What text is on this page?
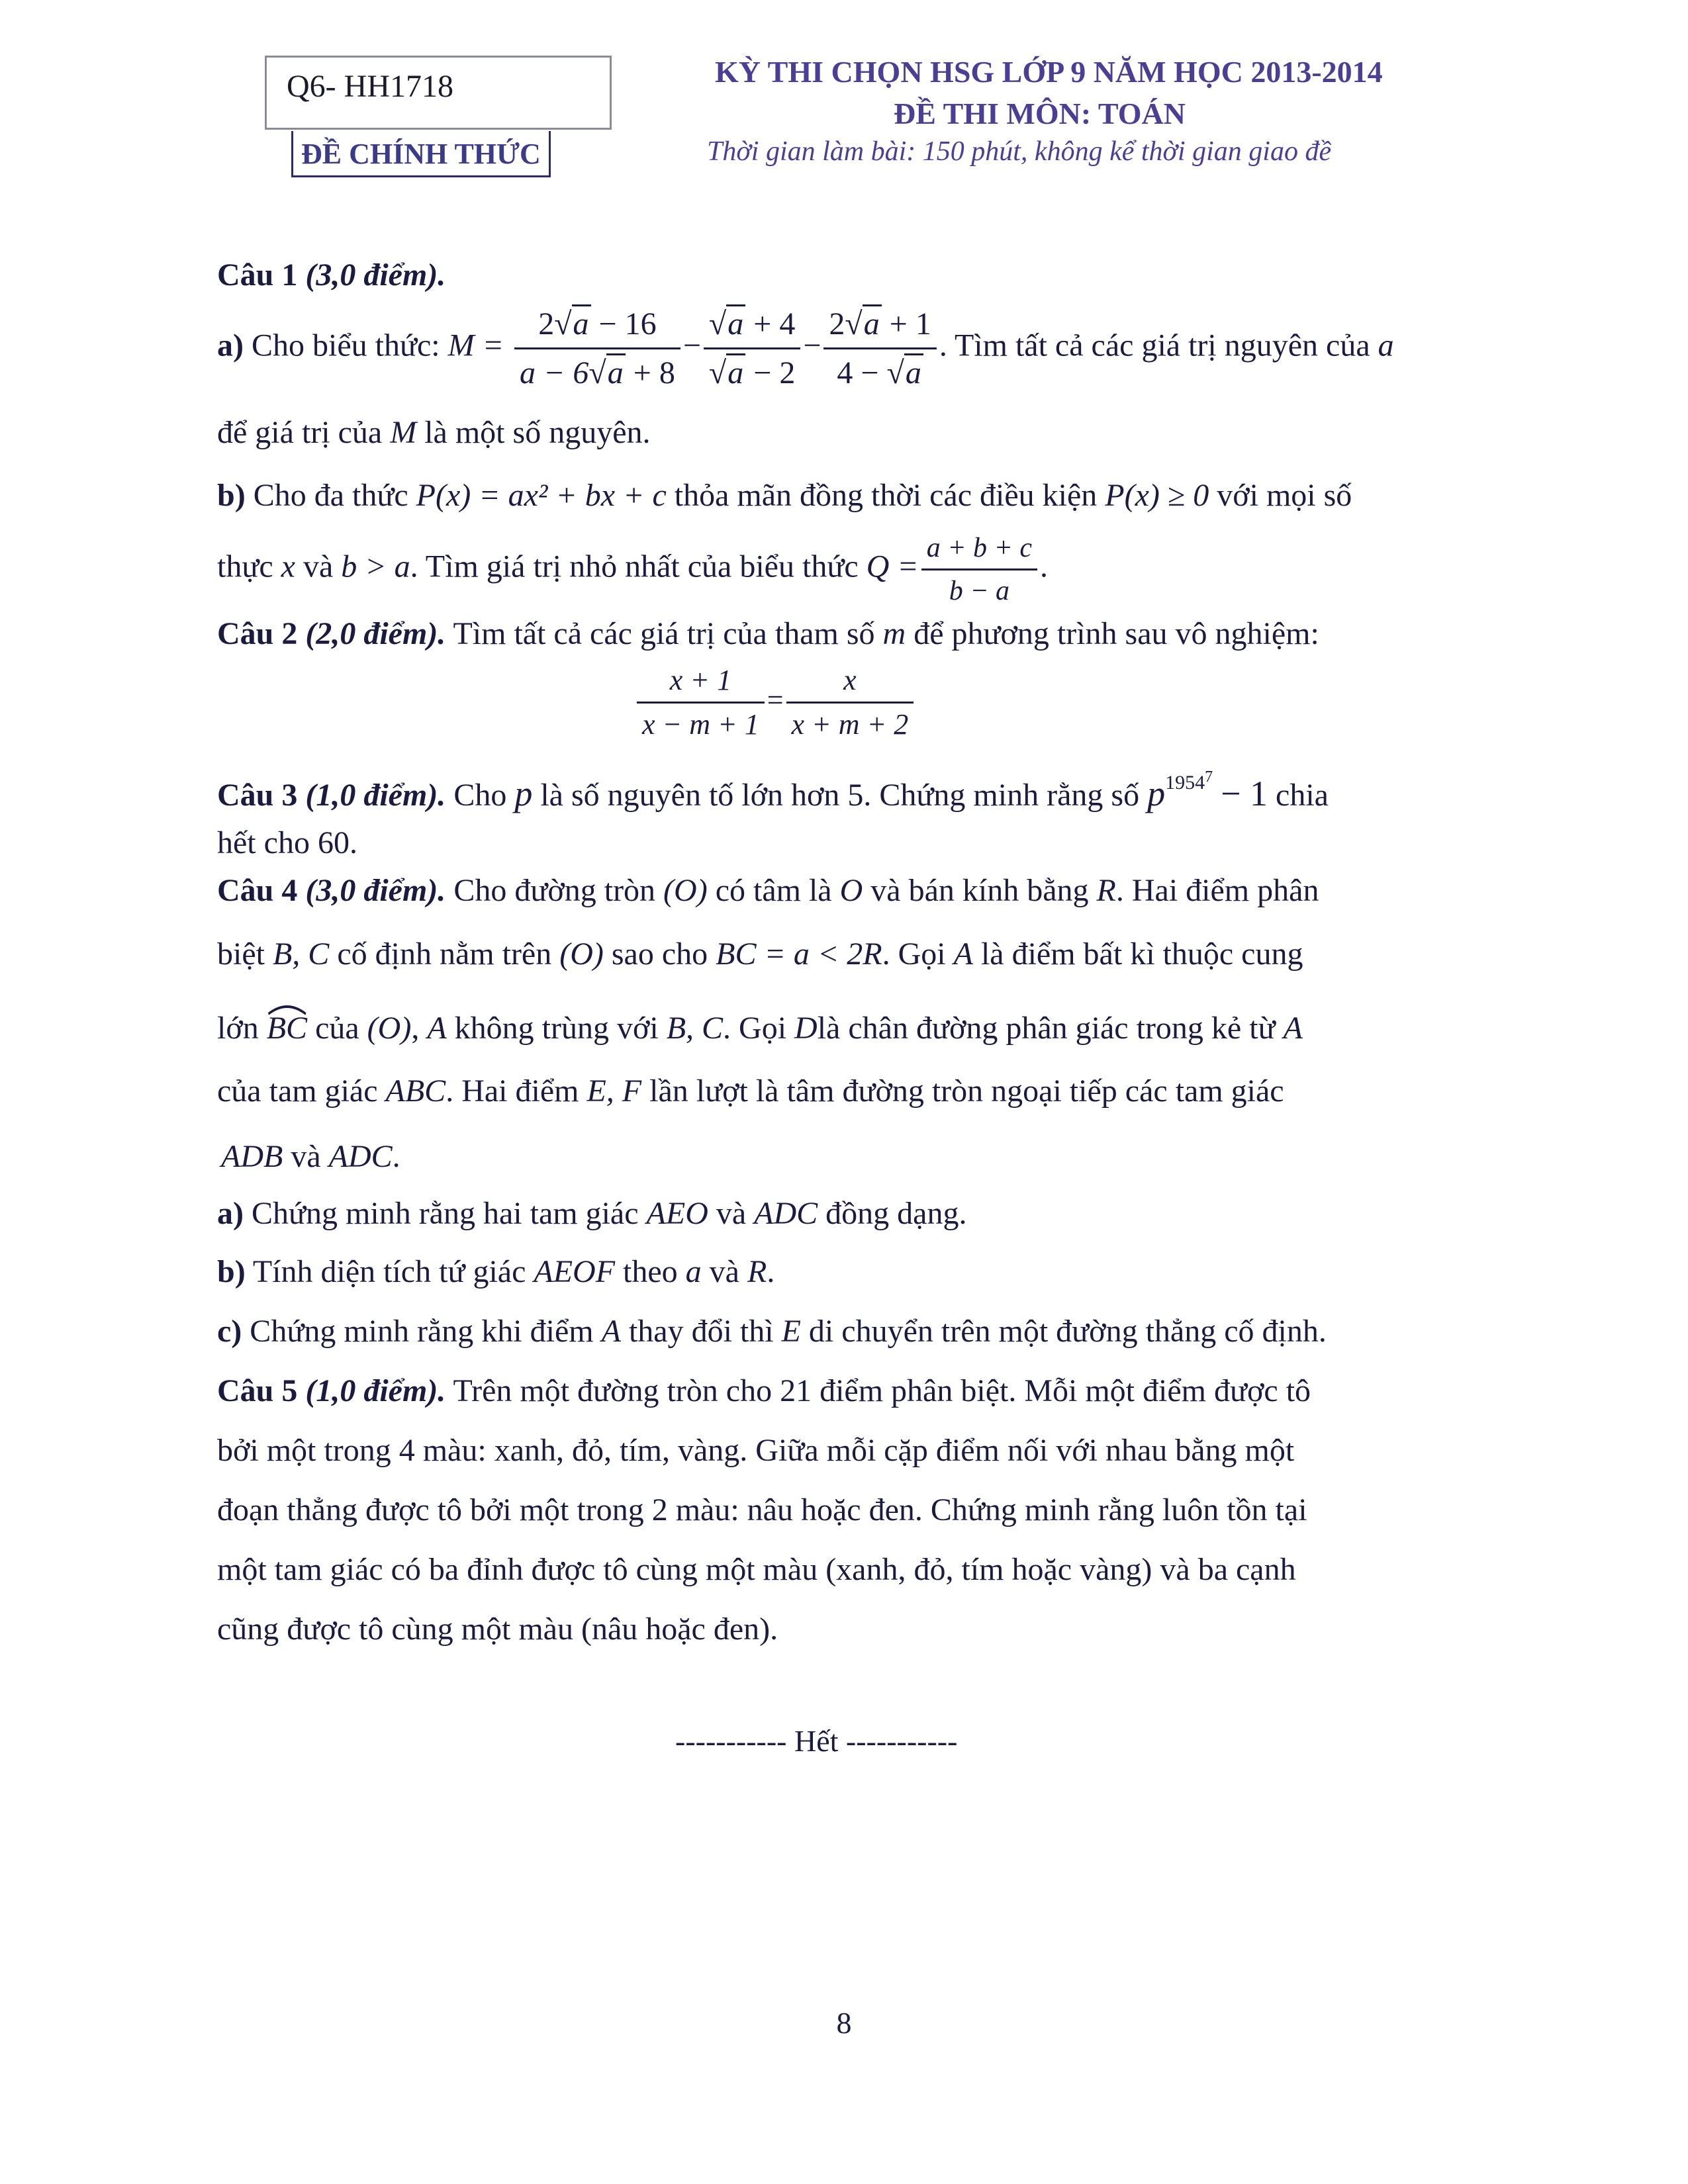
Q6- HH1718
ĐỀ CHÍNH THỨC
KỲ THI CHỌN HSG LỚP 9 NĂM HỌC 2013-2014
ĐỀ THI MÔN: TOÁN
Thời gian làm bài: 150 phút, không kể thời gian giao đề
Câu 1 (3,0 điểm).
a) Cho biểu thức: $M = \frac{2√a - 16}{a - 6√a + 8} - \frac{√a + 4}{√a - 2} - \frac{2√a + 1}{4 - √a}$ . Tìm tất cả các giá trị nguyên của a
để giá trị của M là một số nguyên.
b) Cho đa thức P(x) = ax² + bx + c thỏa mãn đồng thời các điều kiện P(x) ≥ 0 với mọi số
thực x và b > a. Tìm giá trị nhỏ nhất của biểu thức $Q = \frac{a + b + c}{b - a}$ .
Câu 2 (2,0 điểm). Tìm tất cả các giá trị của tham số m để phương trình sau vô nghiệm:
$\frac{x + 1}{x - m + 1} = \frac{x}{x + m + 2}$
Câu 3 (1,0 điểm). Cho p là số nguyên tố lớn hơn 5. Chứng minh rằng số $p^{1954^7} - 1$ chia
hết cho 60.
Câu 4 (3,0 điểm). Cho đường tròn (O) có tâm là O và bán kính bằng R. Hai điểm phân
biệt B, C cố định nằm trên (O) sao cho BC = a < 2R. Gọi A là điểm bất kì thuộc cung
lớn BC của (O), A không trùng với B, C. Gọi Dlà chân đường phân giác trong kẻ từ A
của tam giác ABC. Hai điểm E, F lần lượt là tâm đường tròn ngoại tiếp các tam giác
ADB và ADC.
a) Chứng minh rằng hai tam giác AEO và ADC đồng dạng.
b) Tính diện tích tứ giác AEOF theo a và R.
c) Chứng minh rằng khi điểm A thay đổi thì E di chuyển trên một đường thẳng cố định.
Câu 5 (1,0 điểm). Trên một đường tròn cho 21 điểm phân biệt. Mỗi một điểm được tô
bởi một trong 4 màu: xanh, đỏ, tím, vàng. Giữa mỗi cặp điểm nối với nhau bằng một
đoạn thẳng được tô bởi một trong 2 màu: nâu hoặc đen. Chứng minh rằng luôn tồn tại
một tam giác có ba đỉnh được tô cùng một màu (xanh, đỏ, tím hoặc vàng) và ba cạnh
cũng được tô cùng một màu (nâu hoặc đen).
----------- Hết -----------
8
